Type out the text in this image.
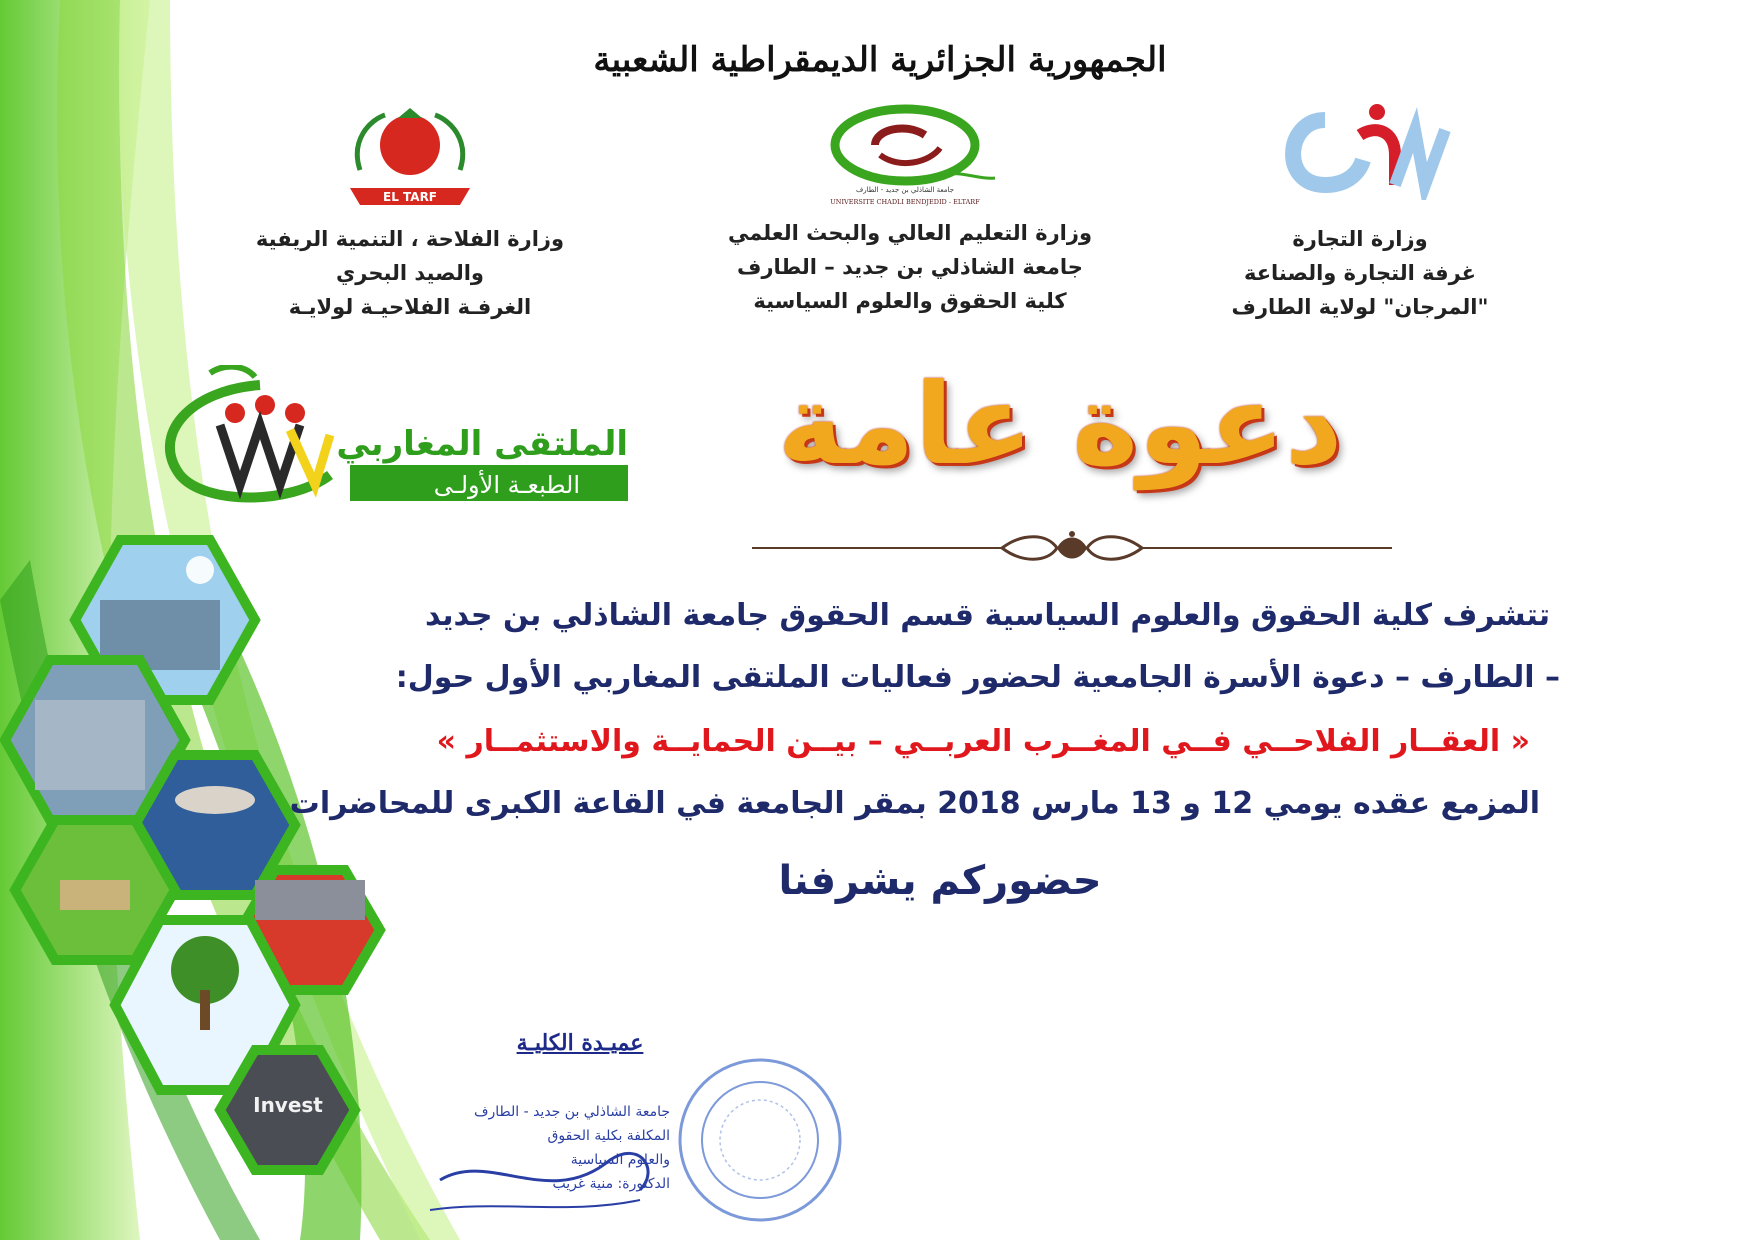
Invest
الجمهورية الجزائرية الديمقراطية الشعبية
EL TARF	جامعة الشاذلي بن جديد - الطارف
UNIVERSITE CHADLI BENDJEDID - ELTARF	CM
وزارة الفلاحة ، التنمية الريفية
والصيد البحري
الغرفـة الفلاحيـة لولايـة
وزارة التعليم العالي والبحث العلمي
جامعة الشاذلي بن جديد – الطارف
كلية الحقوق والعلوم السياسية
وزارة التجارة
غرفة التجارة والصناعة
"المرجان" لولاية الطارف
الملتقى المغاربي
الطبعـة الأولـى	دعوة عامة
تتشرف كلية الحقوق والعلوم السياسية قسم الحقوق جامعة الشاذلي بن جديد
– الطارف – دعوة الأسرة الجامعية لحضور فعاليات الملتقى المغاربي الأول حول:
« العقــار الفلاحــي فــي المغــرب العربــي – بيــن الحمايــة والاستثمــار »
المزمع عقده يومي 12 و 13 مارس 2018 بمقر الجامعة في القاعة الكبرى للمحاضرات
حضوركم يشرفنا
عميـدة الكليـة
جامعة الشاذلي بن جديد - الطارف
المكلفة بكلية الحقوق
والعلوم السياسية
الدكتورة: منية غريب
